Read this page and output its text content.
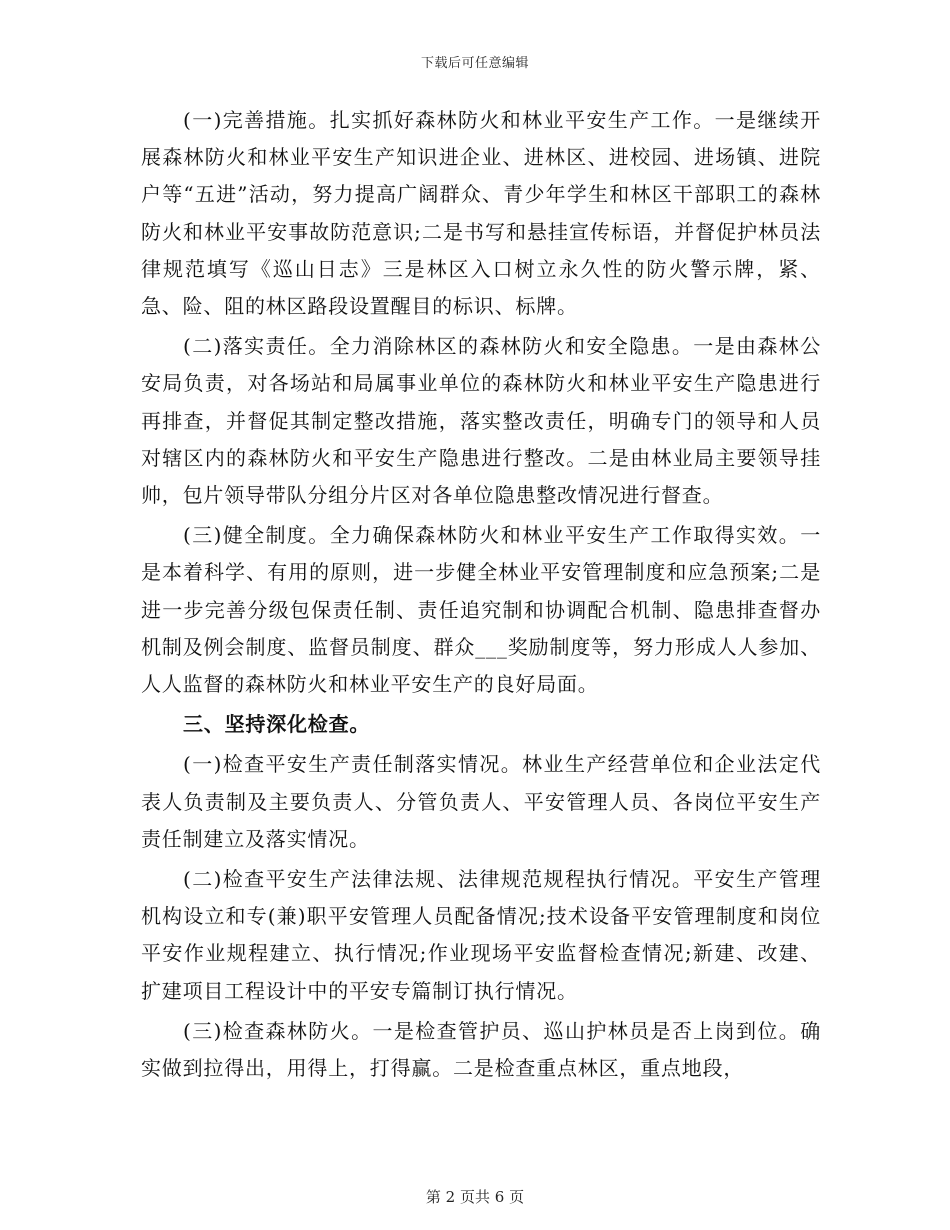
下载后可任意编辑

(一)完善措施。扎实抓好森林防火和林业平安生产工作。一是继续开展森林防火和林业平安生产知识进企业、进林区、进校园、进场镇、进院户等“五进”活动，努力提高广阔群众、青少年学生和林区干部职工的森林防火和林业平安事故防范意识;二是书写和悬挂宣传标语，并督促护林员法律规范填写《巡山日志》三是林区入口树立永久性的防火警示牌，紧、急、险、阻的林区路段设置醒目的标识、标牌。

(二)落实责任。全力消除林区的森林防火和安全隐患。一是由森林公安局负责，对各场站和局属事业单位的森林防火和林业平安生产隐患进行再排查，并督促其制定整改措施，落实整改责任，明确专门的领导和人员对辖区内的森林防火和平安生产隐患进行整改。二是由林业局主要领导挂帅，包片领导带队分组分片区对各单位隐患整改情况进行督查。

(三)健全制度。全力确保森林防火和林业平安生产工作取得实效。一是本着科学、有用的原则，进一步健全林业平安管理制度和应急预案;二是进一步完善分级包保责任制、责任追究制和协调配合机制、隐患排查督办机制及例会制度、监督员制度、群众___奖励制度等，努力形成人人参加、人人监督的森林防火和林业平安生产的良好局面。

三、坚持深化检查。

(一)检查平安生产责任制落实情况。林业生产经营单位和企业法定代表人负责制及主要负责人、分管负责人、平安管理人员、各岗位平安生产责任制建立及落实情况。

(二)检查平安生产法律法规、法律规范规程执行情况。平安生产管理机构设立和专(兼)职平安管理人员配备情况;技术设备平安管理制度和岗位平安作业规程建立、执行情况;作业现场平安监督检查情况;新建、改建、扩建项目工程设计中的平安专篇制订执行情况。

(三)检查森林防火。一是检查管护员、巡山护林员是否上岗到位。确实做到拉得出，用得上，打得赢。二是检查重点林区，重点地段，

第 2 页共 6 页
